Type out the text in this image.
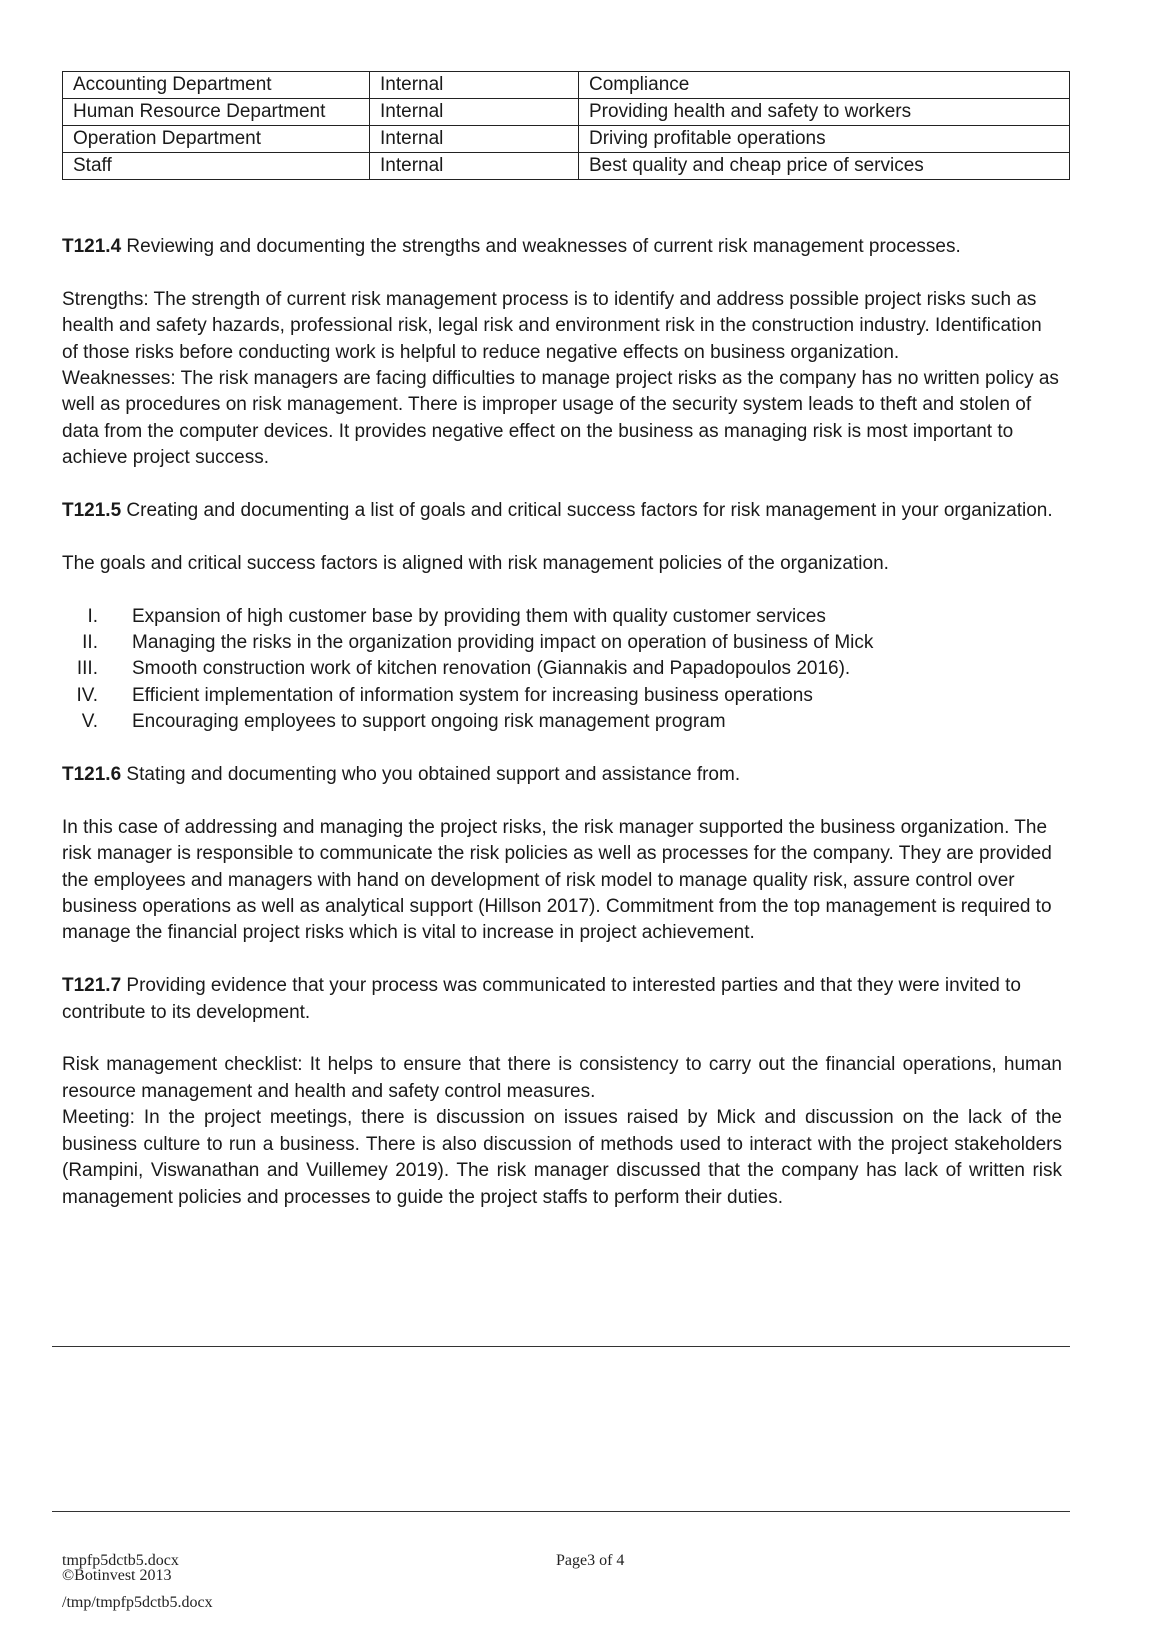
Accounting Department	Internal	Compliance
Human Resource Department	Internal	Providing health and safety to workers
Operation Department	Internal	Driving profitable operations
Staff	Internal	Best quality and cheap price of services

T121.4 Reviewing and documenting the strengths and weaknesses of current risk management processes.

Strengths: The strength of current risk management process is to identify and address possible project risks such as health and safety hazards, professional risk, legal risk and environment risk in the construction industry. Identification of those risks before conducting work is helpful to reduce negative effects on business organization.

Weaknesses: The risk managers are facing difficulties to manage project risks as the company has no written policy as well as procedures on risk management. There is improper usage of the security system leads to theft and stolen of data from the computer devices. It provides negative effect on the business as managing risk is most important to achieve project success.

T121.5 Creating and documenting a list of goals and critical success factors for risk management in your organization.

The goals and critical success factors is aligned with risk management policies of the organization.

I. Expansion of high customer base by providing them with quality customer services
II. Managing the risks in the organization providing impact on operation of business of Mick
III. Smooth construction work of kitchen renovation (Giannakis and Papadopoulos 2016).
IV. Efficient implementation of information system for increasing business operations
V. Encouraging employees to support ongoing risk management program

T121.6 Stating and documenting who you obtained support and assistance from.

In this case of addressing and managing the project risks, the risk manager supported the business organization. The risk manager is responsible to communicate the risk policies as well as processes for the company. They are provided the employees and managers with hand on development of risk model to manage quality risk, assure control over business operations as well as analytical support (Hillson 2017). Commitment from the top management is required to manage the financial project risks which is vital to increase in project achievement.

T121.7 Providing evidence that your process was communicated to interested parties and that they were invited to contribute to its development.

Risk management checklist: It helps to ensure that there is consistency to carry out the financial operations, human resource management and health and safety control measures.

Meeting: In the project meetings, there is discussion on issues raised by Mick and discussion on the lack of the business culture to run a business. There is also discussion of methods used to interact with the project stakeholders (Rampini, Viswanathan and Vuillemey 2019). The risk manager discussed that the company has lack of written risk management policies and processes to guide the project staffs to perform their duties.

tmpfp5dctb5.docx
©Botinvest 2013
Page3 of 4
/tmp/tmpfp5dctb5.docx
